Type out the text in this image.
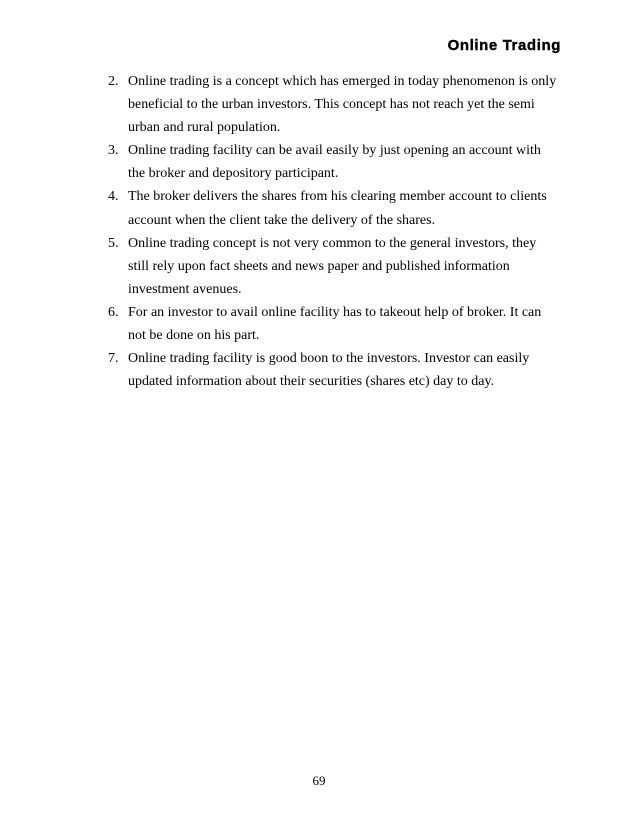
Online Trading
2. Online trading is a concept which has emerged in today phenomenon is only beneficial to the urban investors. This concept has not reach yet the semi urban and rural population.
3. Online trading facility can be avail easily by just opening an account with the broker and depository participant.
4. The broker delivers the shares from his clearing member account to clients account when the client take the delivery of the shares.
5. Online trading concept is not very common to the general investors, they still rely upon fact sheets and news paper and published information investment avenues.
6. For an investor to avail online facility has to takeout help of broker. It can not be done on his part.
7. Online trading facility is good boon to the investors. Investor can easily updated information about their securities (shares etc) day to day.
69
